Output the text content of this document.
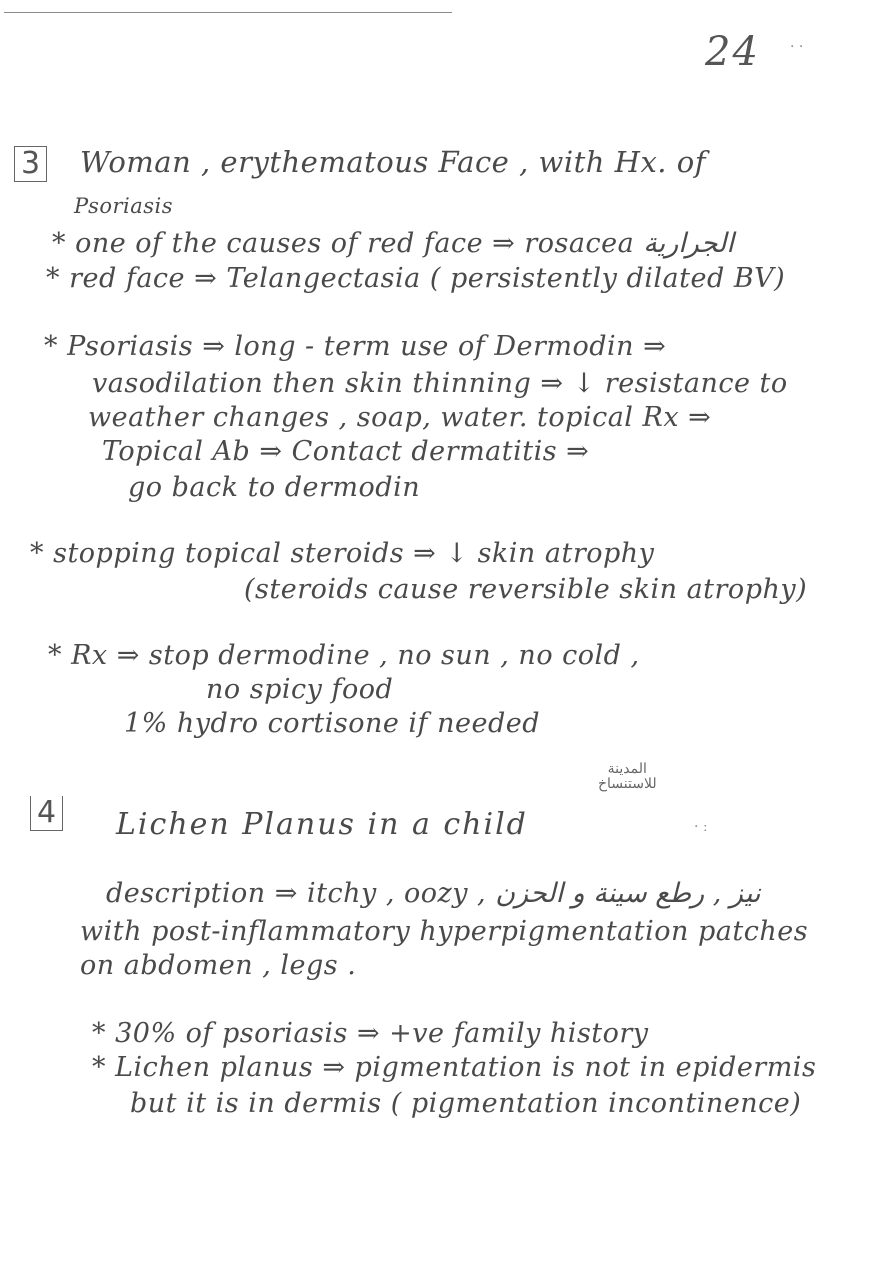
24 · ·
3 Woman , erythematous Face , with Hx. of
Psoriasis
* one of the causes of red face ⇒ rosacea الجرارية
* red face ⇒ Telangectasia ( persistently dilated BV)
* Psoriasis ⇒ long - term use of Dermodin ⇒
vasodilation then skin thinning ⇒ ↓ resistance to
weather changes , soap, water. topical Rx ⇒
Topical Ab ⇒ Contact dermatitis ⇒
go back to dermodin
* stopping topical steroids ⇒ ↓ skin atrophy
(steroids cause reversible skin atrophy)
* Rx ⇒ stop dermodine , no sun , no cold ,
no spicy food
1% hydro cortisone if needed
المدينة
للاستنساخ
· ː
4 Lichen Planus in a child
description ⇒ itchy , oozy , نيز , رطع سينة و الحزن
with post-inflammatory hyperpigmentation patches
on abdomen , legs .
* 30% of psoriasis ⇒ +ve family history
* Lichen planus ⇒ pigmentation is not in epidermis
but it is in dermis ( pigmentation incontinence)
